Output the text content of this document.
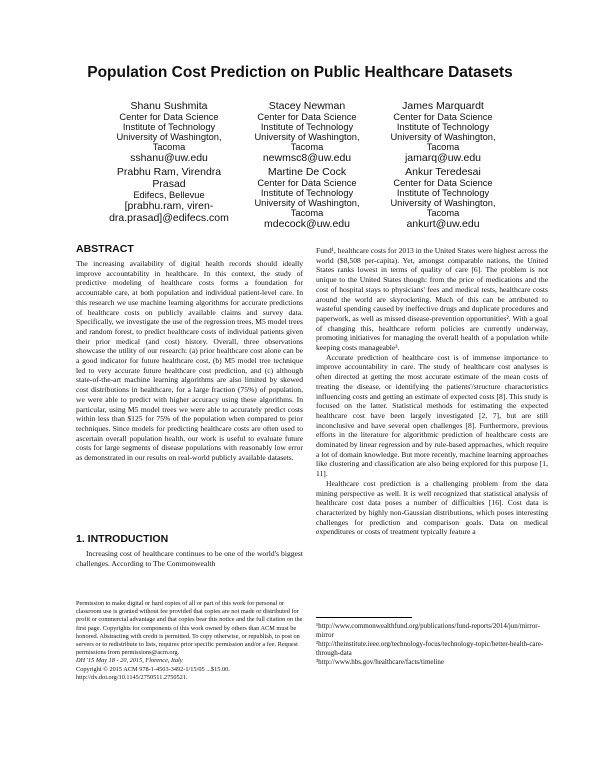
Population Cost Prediction on Public Healthcare Datasets
Shanu Sushmita
Center for Data Science
Institute of Technology
University of Washington,
Tacoma
sshanu@uw.edu
Stacey Newman
Center for Data Science
Institute of Technology
University of Washington,
Tacoma
newmsc8@uw.edu
James Marquardt
Center for Data Science
Institute of Technology
University of Washington,
Tacoma
jamarq@uw.edu
Prabhu Ram, Virendra
Prasad
Edifecs, Bellevue
[prabhu.ram, viren-
dra.prasad]@edifecs.com
Martine De Cock
Center for Data Science
Institute of Technology
University of Washington,
Tacoma
mdecock@uw.edu
Ankur Teredesai
Center for Data Science
Institute of Technology
University of Washington,
Tacoma
ankurt@uw.edu
ABSTRACT

The increasing availability of digital health records should ideally improve accountability in healthcare. In this context, the study of predictive modeling of healthcare costs forms a foundation for accountable care, at both population and individual patient-level care. In this research we use machine learning algorithms for accurate predictions of healthcare costs on publicly available claims and survey data. Specifically, we investigate the use of the regression trees, M5 model trees and random forest, to predict healthcare costs of individual patients given their prior medical (and cost) history. Overall, three observations showcase the utility of our research: (a) prior healthcare cost alone can be a good indicator for future healthcare cost, (b) M5 model tree technique led to very accurate future healthcare cost prediction, and (c) although state-of-the-art machine learning algorithms are also limited by skewed cost distributions in healthcare, for a large fraction (75%) of population, we were able to predict with higher accuracy using these algorithms. In particular, using M5 model trees we were able to accurately predict costs within less than $125 for 75% of the population when compared to prior techniques. Since models for predicting healthcare costs are often used to ascertain overall population health, our work is useful to evaluate future costs for large segments of disease populations with reasonably low error as demonstrated in our results on real-world publicly available datasets.

1. INTRODUCTION

Increasing cost of healthcare continues to be one of the world's biggest challenges. According to The Commonwealth

Permission to make digital or hard copies of all or part of this work for personal or classroom use is granted without fee provided that copies are not made or distributed for profit or commercial advantage and that copies bear this notice and the full citation on the first page. Copyrights for components of this work owned by others than ACM must be honored. Abstracting with credit is permitted. To copy otherwise, or republish, to post on servers or to redistribute to lists, requires prior specific permission and/or a fee. Request permissions from permissions@acm.org.

DH '15 May 18 - 20, 2015, Florence, Italy

Copyright © 2015 ACM 978-1-4503-3492-1/15/05 ...$15.00.

http://dx.doi.org/10.1145/2750511.2750521.

Fund¹, healthcare costs for 2013 in the United States were highest across the world ($8,508 per-capita). Yet, amongst comparable nations, the United States ranks lowest in terms of quality of care [6]. The problem is not unique to the United States though: from the price of medications and the cost of hospital stays to physicians' fees and medical tests, healthcare costs around the world are skyrocketing. Much of this can be attributed to wasteful spending caused by ineffective drugs and duplicate procedures and paperwork, as well as missed disease-prevention opportunities². With a goal of changing this, healthcare reform policies are currently underway, promoting initiatives for managing the overall health of a population while keeping costs manageable³.

Accurate prediction of healthcare cost is of immense importance to improve accountability in care. The study of healthcare cost analyses is often directed at getting the most accurate estimate of the mean costs of treating the disease, or identifying the patients'/structure characteristics influencing costs and getting an estimate of expected costs [8]. This study is focused on the latter. Statistical methods for estimating the expected healthcare cost have been largely investigated [2, 7], but are still inconclusive and have several open challenges [8]. Furthermore, previous efforts in the literature for algorithmic prediction of healthcare costs are dominated by linear regression and by rule-based approaches, which require a lot of domain knowledge. But more recently, machine learning approaches like clustering and classification are also being explored for this purpose [1, 11].

Healthcare cost prediction is a challenging problem from the data mining perspective as well. It is well recognized that statistical analysis of healthcare cost data poses a number of difficulties [16]. Cost data is characterized by highly non-Gaussian distributions, which poses interesting challenges for prediction and comparison goals. Data on medical expenditures or costs of treatment typically feature a

¹http://www.commonwealthfund.org/publications/fund-reports/2014/jun/mirror-mirror

²http://theinstitute.ieee.org/technology-focus/technology-topic/better-health-care-through-data

³http://www.hbs.gov/healthcare/facts/timeline
